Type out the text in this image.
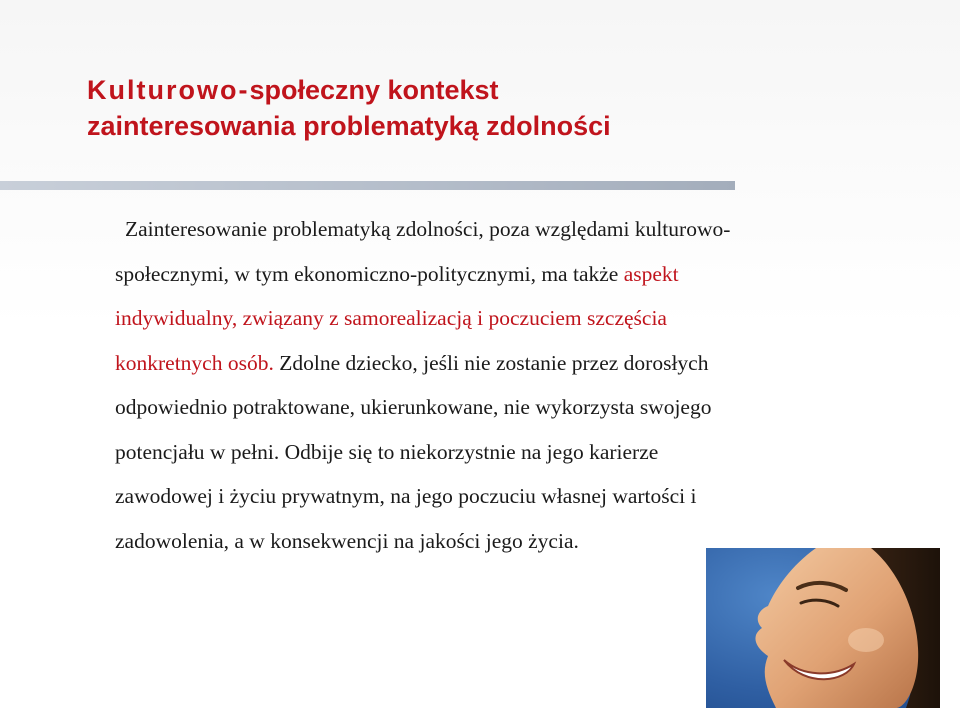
Kulturowo-społeczny kontekst
zainteresowania problematyką zdolności
Zainteresowanie problematyką zdolności, poza względami kulturowo-
społecznymi, w tym ekonomiczno-politycznymi, ma także aspekt
indywidualny, związany z samorealizacją i poczuciem szczęścia
konkretnych osób. Zdolne dziecko, jeśli nie zostanie przez dorosłych
odpowiednio potraktowane, ukierunkowane, nie wykorzysta swojego
potencjału w pełni. Odbije się to niekorzystnie na jego karierze
zawodowej i życiu prywatnym, na jego poczuciu własnej wartości i
zadowolenia, a w konsekwencji na jakości jego życia.
